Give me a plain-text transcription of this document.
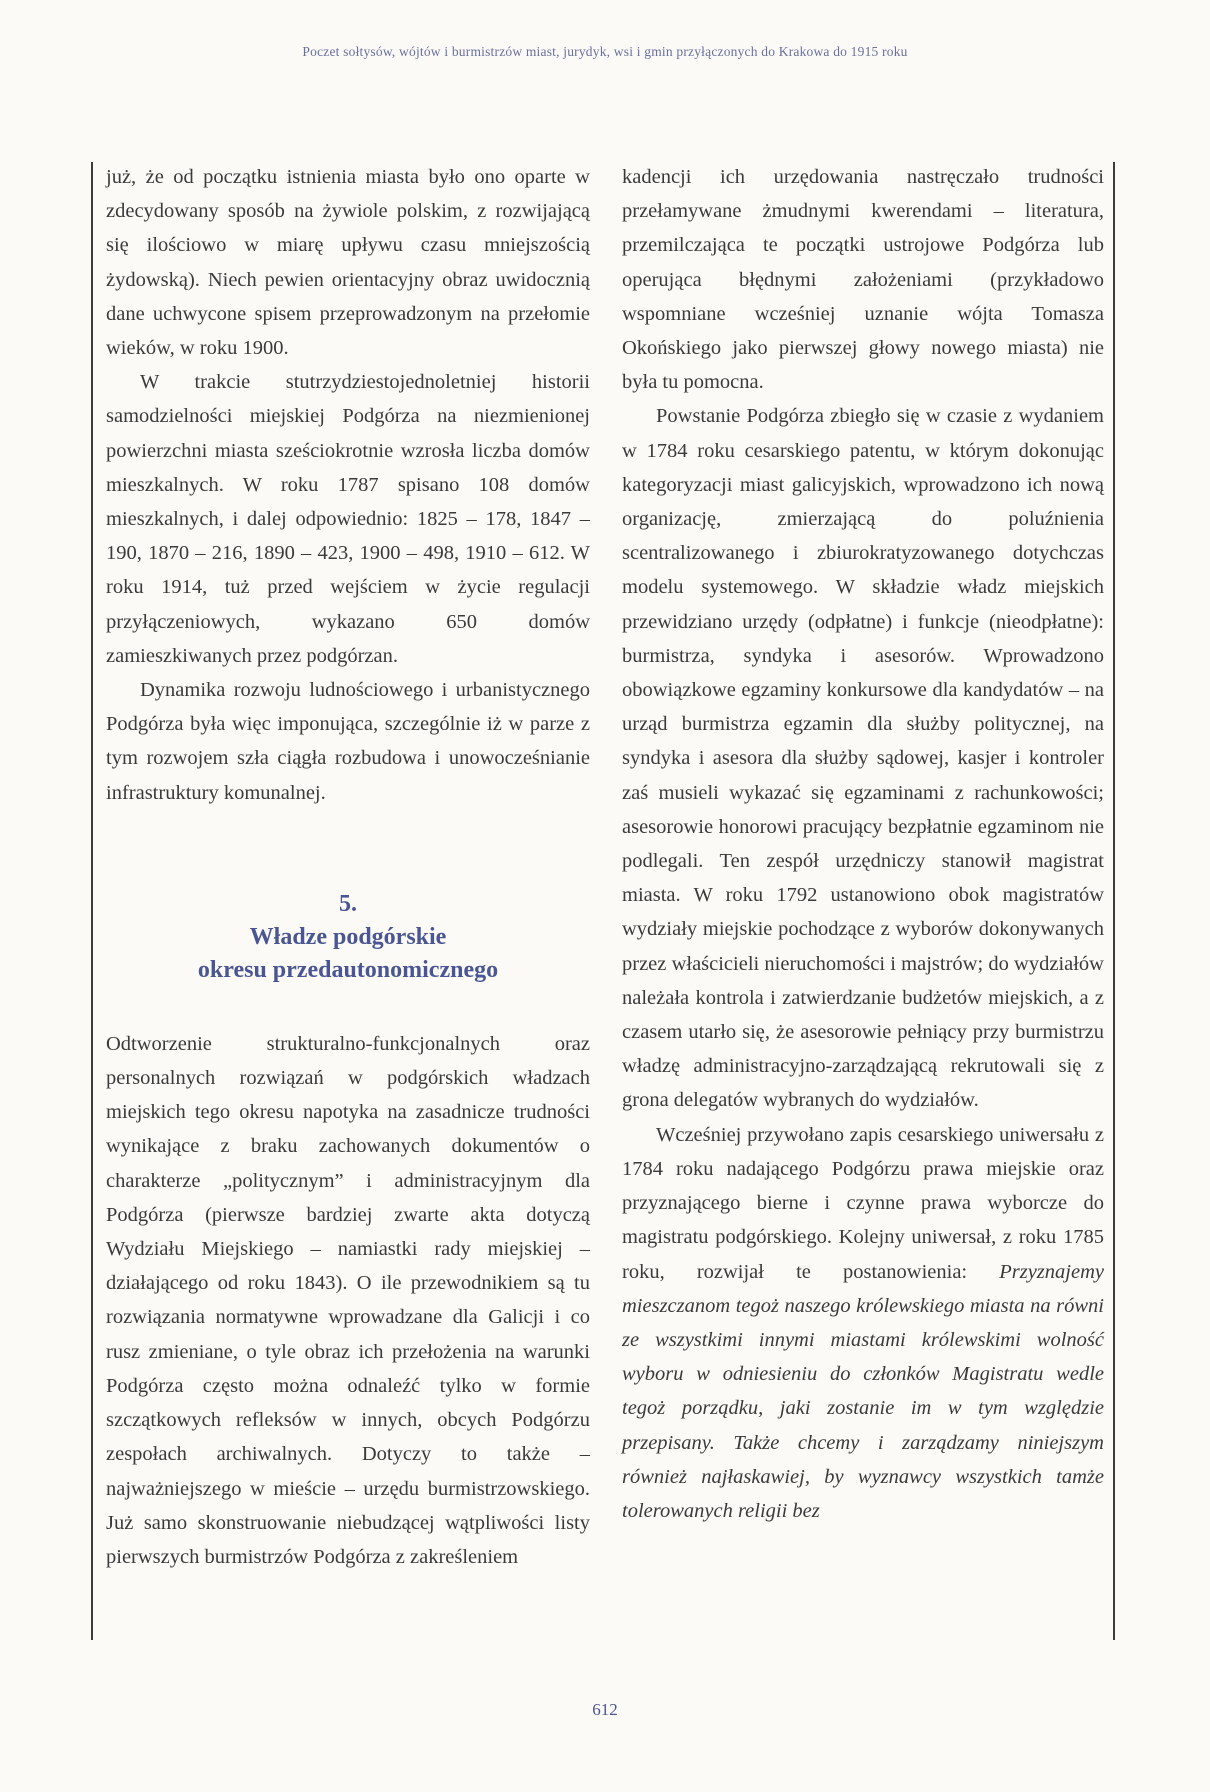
Poczet sołtysów, wójtów i burmistrzów miast, jurydyk, wsi i gmin przyłączonych do Krakowa do 1915 roku

już, że od początku istnienia miasta było ono oparte w zdecydowany sposób na żywiole polskim, z rozwijającą się ilościowo w miarę upływu czasu mniejszością żydowską). Niech pewien orientacyjny obraz uwidocznią dane uchwycone spisem przeprowadzonym na przełomie wieków, w roku 1900.

W trakcie stutrzydziestojednoletniej historii samodzielności miejskiej Podgórza na niezmienionej powierzchni miasta sześciokrotnie wzrosła liczba domów mieszkalnych. W roku 1787 spisano 108 domów mieszkalnych, i dalej odpowiednio: 1825 – 178, 1847 – 190, 1870 – 216, 1890 – 423, 1900 – 498, 1910 – 612. W roku 1914, tuż przed wejściem w życie regulacji przyłączeniowych, wykazano 650 domów zamieszkiwanych przez podgórzan.

Dynamika rozwoju ludnościowego i urbanistycznego Podgórza była więc imponująca, szczególnie iż w parze z tym rozwojem szła ciągła rozbudowa i unowocześnianie infrastruktury komunalnej.

5.
Władze podgórskie
okresu przedautonomicznego

Odtworzenie strukturalno-funkcjonalnych oraz personalnych rozwiązań w podgórskich władzach miejskich tego okresu napotyka na zasadnicze trudności wynikające z braku zachowanych dokumentów o charakterze „politycznym” i administracyjnym dla Podgórza (pierwsze bardziej zwarte akta dotyczą Wydziału Miejskiego – namiastki rady miejskiej – działającego od roku 1843). O ile przewodnikiem są tu rozwiązania normatywne wprowadzane dla Galicji i co rusz zmieniane, o tyle obraz ich przełożenia na warunki Podgórza często można odnaleźć tylko w formie szczątkowych refleksów w innych, obcych Podgórzu zespołach archiwalnych. Dotyczy to także – najważniejszego w mieście – urzędu burmistrzowskiego. Już samo skonstruowanie niebudzącej wątpliwości listy pierwszych burmistrzów Podgórza z zakreśleniem

kadencji ich urzędowania nastręczało trudności przełamywane żmudnymi kwerendami – literatura, przemilczająca te początki ustrojowe Podgórza lub operująca błędnymi założeniami (przykładowo wspomniane wcześniej uznanie wójta Tomasza Okońskiego jako pierwszej głowy nowego miasta) nie była tu pomocna.

Powstanie Podgórza zbiegło się w czasie z wydaniem w 1784 roku cesarskiego patentu, w którym dokonując kategoryzacji miast galicyjskich, wprowadzono ich nową organizację, zmierzającą do poluźnienia scentralizowanego i zbiurokratyzowanego dotychczas modelu systemowego. W składzie władz miejskich przewidziano urzędy (odpłatne) i funkcje (nieodpłatne): burmistrza, syndyka i asesorów. Wprowadzono obowiązkowe egzaminy konkursowe dla kandydatów – na urząd burmistrza egzamin dla służby politycznej, na syndyka i asesora dla służby sądowej, kasjer i kontroler zaś musieli wykazać się egzaminami z rachunkowości; asesorowie honorowi pracujący bezpłatnie egzaminom nie podlegali. Ten zespół urzędniczy stanowił magistrat miasta. W roku 1792 ustanowiono obok magistratów wydziały miejskie pochodzące z wyborów dokonywanych przez właścicieli nieruchomości i majstrów; do wydziałów należała kontrola i zatwierdzanie budżetów miejskich, a z czasem utarło się, że asesorowie pełniący przy burmistrzu władzę administracyjno-zarządzającą rekrutowali się z grona delegatów wybranych do wydziałów.

Wcześniej przywołano zapis cesarskiego uniwersału z 1784 roku nadającego Podgórzu prawa miejskie oraz przyznającego bierne i czynne prawa wyborcze do magistratu podgórskiego. Kolejny uniwersał, z roku 1785 roku, rozwijał te postanowienia: Przyznajemy mieszczanom tegoż naszego królewskiego miasta na równi ze wszystkimi innymi miastami królewskimi wolność wyboru w odniesieniu do członków Magistratu wedle tegoż porządku, jaki zostanie im w tym względzie przepisany. Także chcemy i zarządzamy niniejszym również najłaskawiej, by wyznawcy wszystkich tamże tolerowanych religii bez

612
